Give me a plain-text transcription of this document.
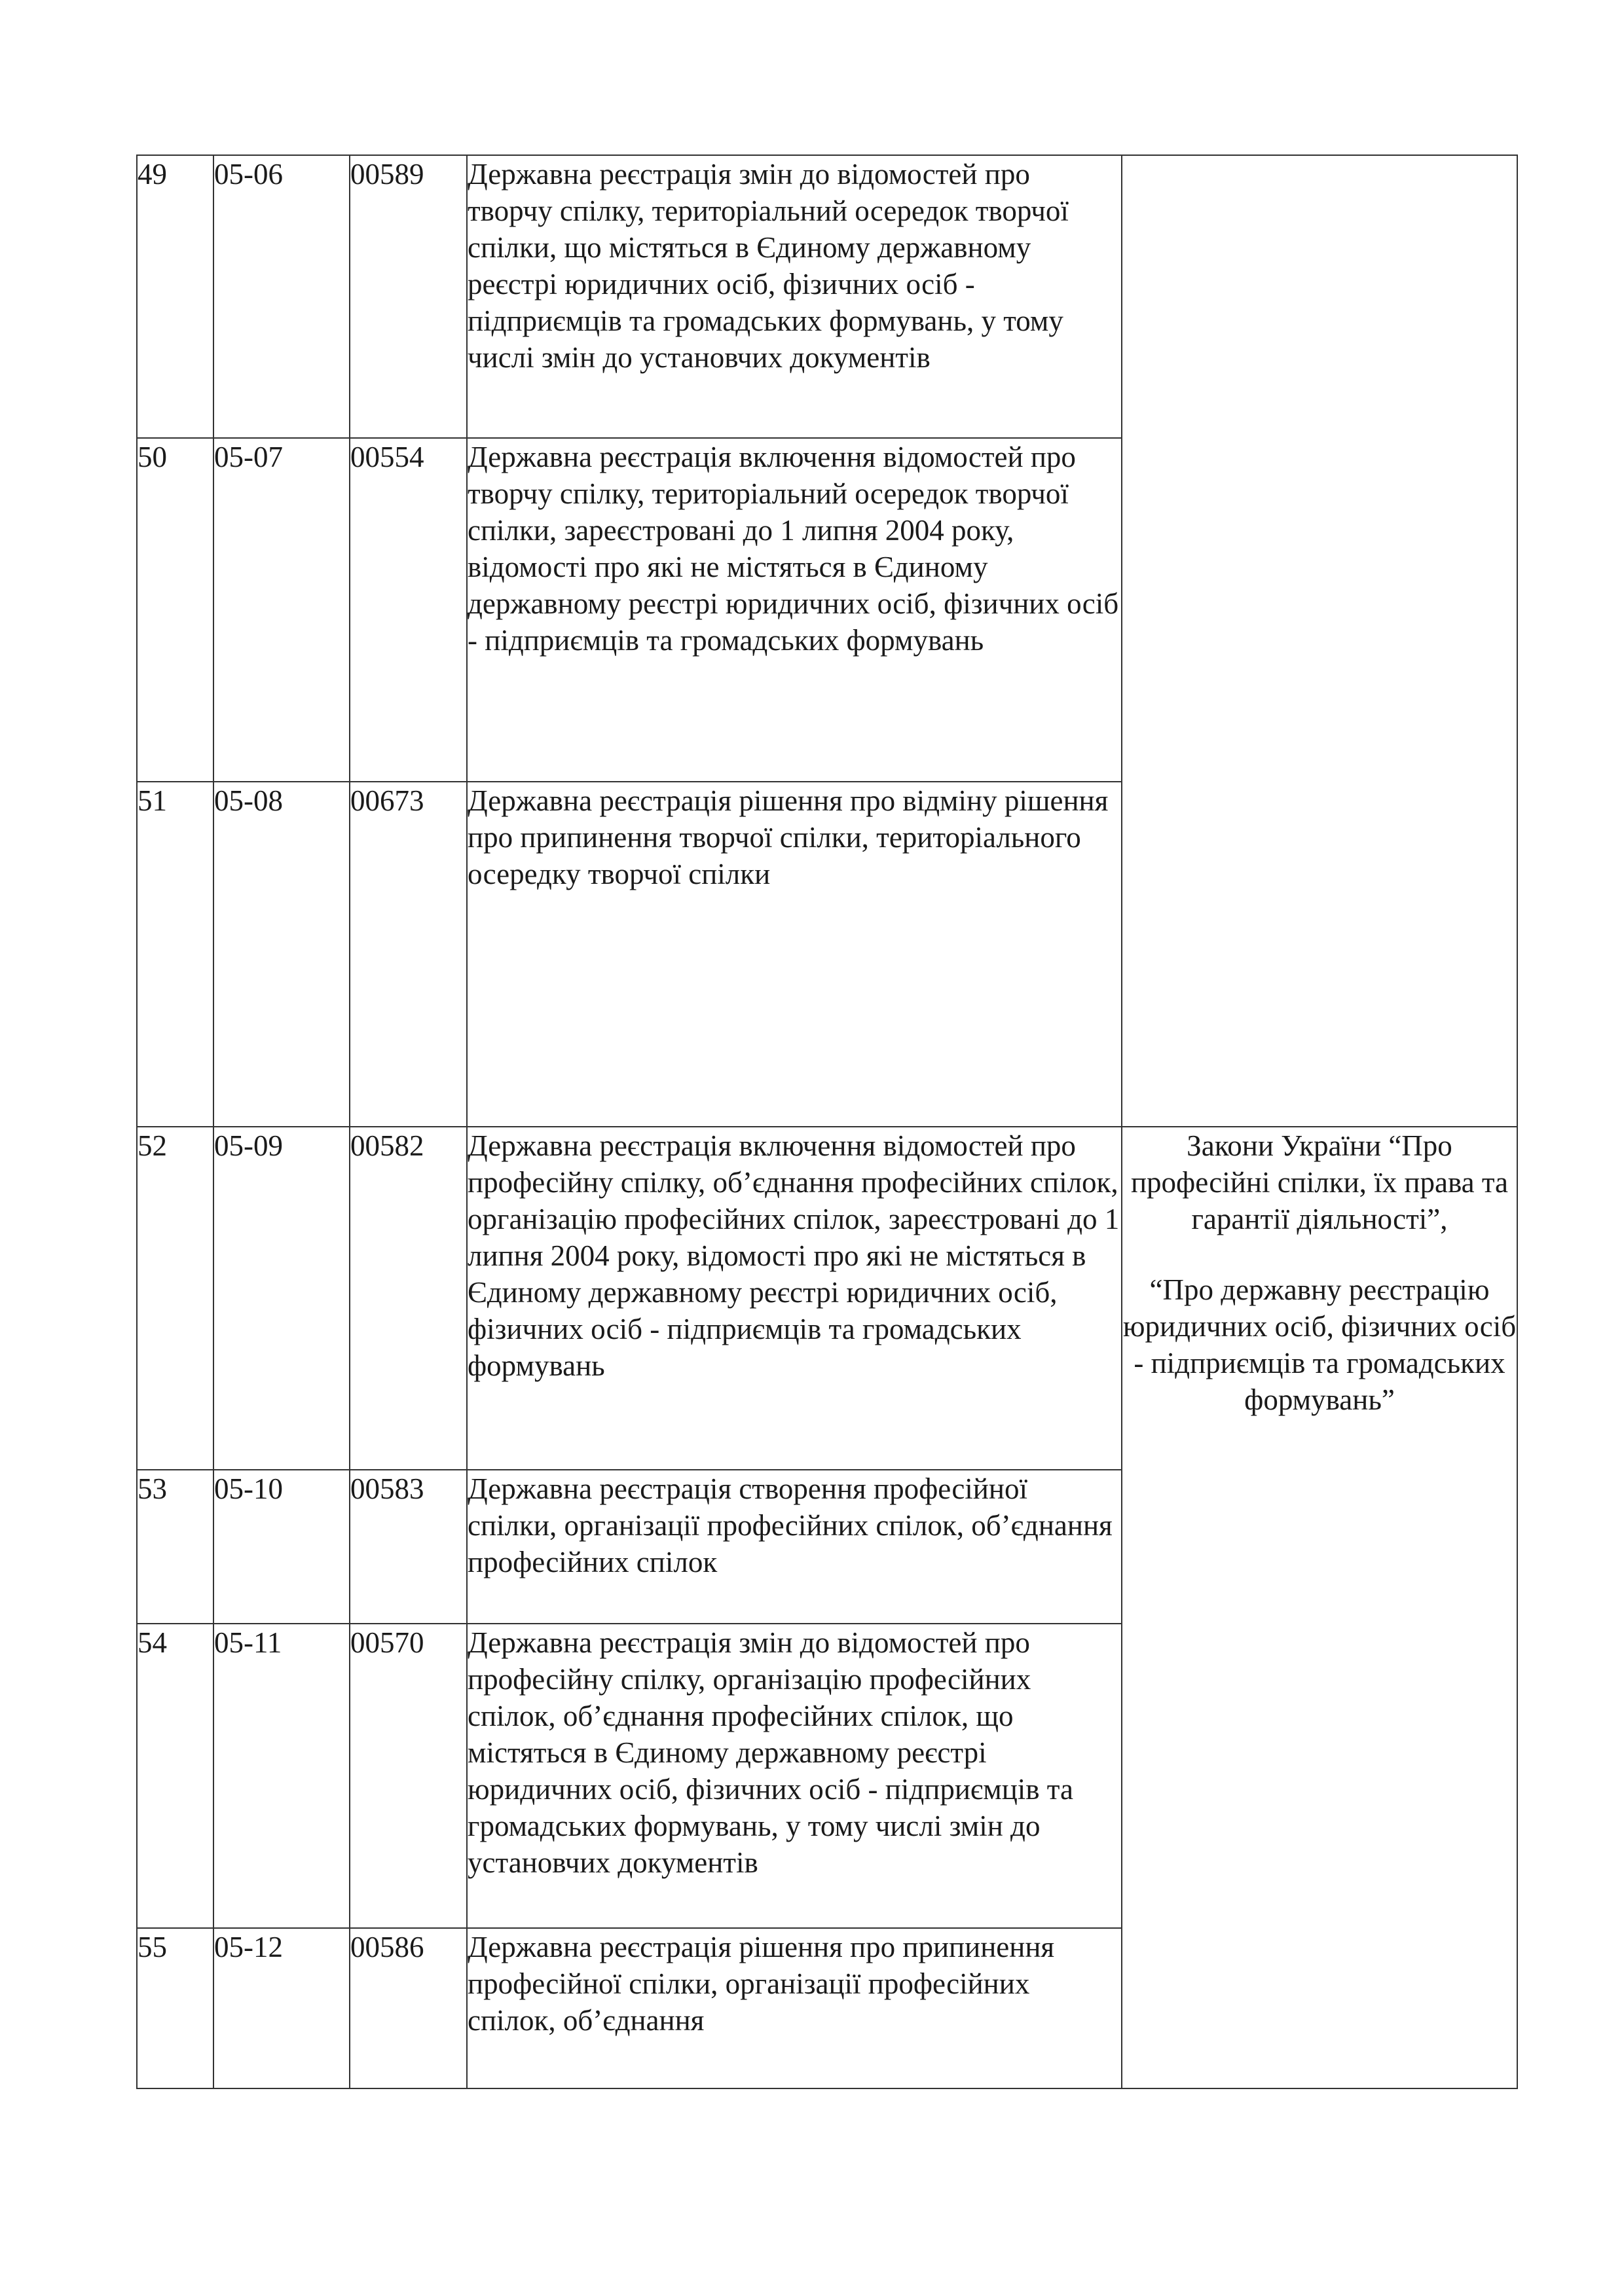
49	05-06	00589	Державна реєстрація змін до відомостей про творчу спілку, територіальний осередок творчої спілки, що містяться в Єдиному державному реєстрі юридичних осіб, фізичних осіб - підприємців та громадських формувань, у тому числі змін до установчих документів	

50	05-07	00554	Державна реєстрація включення відомостей про творчу спілку, територіальний осередок творчої спілки, зареєстровані до 1 липня 2004 року, відомості про які не містяться в Єдиному державному реєстрі юридичних осіб, фізичних осіб - підприємців та громадських формувань	
51	05-08	00673	Державна реєстрація рішення про відміну рішення про припинення творчої спілки, територіального осередку творчої спілки	
52	05-09	00582	Державна реєстрація включення відомостей про професійну спілку, об’єднання професійних спілок, організацію професійних спілок, зареєстровані до 1 липня 2004 року, відомості про які не містяться в Єдиному державному реєстрі юридичних осіб, фізичних осіб - підприємців та громадських формувань	Закони України “Про професійні спілки, їх права та гарантії діяльності”,
“Про державну реєстрацію юридичних осіб, фізичних осіб - підприємців та громадських формувань”

53	05-10	00583	Державна реєстрація створення професійної спілки, організації професійних спілок, об’єднання професійних спілок	
54	05-11	00570	Державна реєстрація змін до відомостей про професійну спілку, організацію професійних спілок, об’єднання професійних спілок, що містяться в Єдиному державному реєстрі юридичних осіб, фізичних осіб - підприємців та громадських формувань, у тому числі змін до установчих документів	
55	05-12	00586	Державна реєстрація рішення про припинення професійної спілки, організації професійних спілок, об’єднання	
